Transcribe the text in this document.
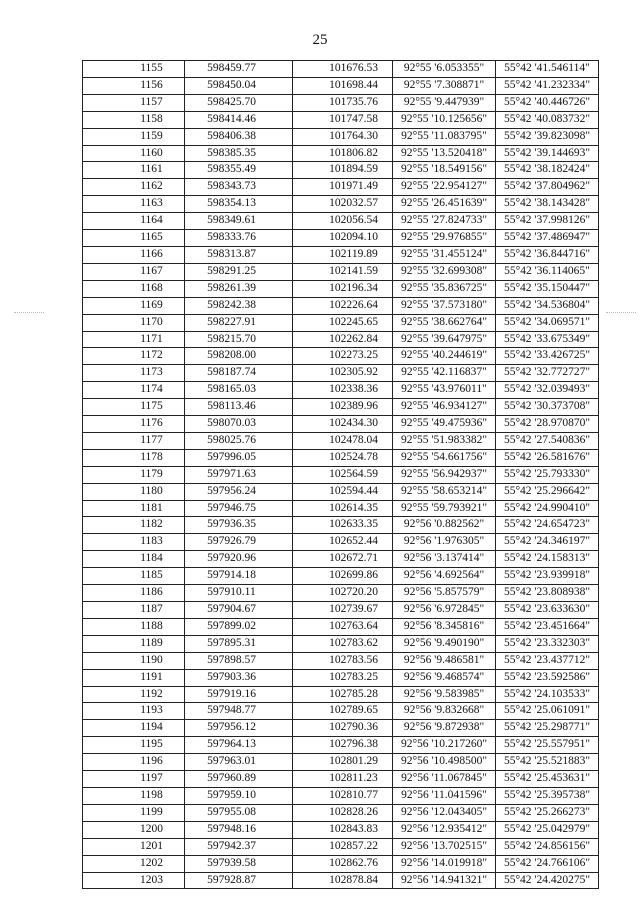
25
1155	598459.77	101676.53	92°55 '6.053355"	55°42 '41.546114"
1156	598450.04	101698.44	92°55 '7.308871"	55°42 '41.232334"
1157	598425.70	101735.76	92°55 '9.447939"	55°42 '40.446726"
1158	598414.46	101747.58	92°55 '10.125656"	55°42 '40.083732"
1159	598406.38	101764.30	92°55 '11.083795"	55°42 '39.823098"
1160	598385.35	101806.82	92°55 '13.520418"	55°42 '39.144693"
1161	598355.49	101894.59	92°55 '18.549156"	55°42 '38.182424"
1162	598343.73	101971.49	92°55 '22.954127"	55°42 '37.804962"
1163	598354.13	102032.57	92°55 '26.451639"	55°42 '38.143428"
1164	598349.61	102056.54	92°55 '27.824733"	55°42 '37.998126"
1165	598333.76	102094.10	92°55 '29.976855"	55°42 '37.486947"
1166	598313.87	102119.89	92°55 '31.455124"	55°42 '36.844716"
1167	598291.25	102141.59	92°55 '32.699308"	55°42 '36.114065"
1168	598261.39	102196.34	92°55 '35.836725"	55°42 '35.150447"
1169	598242.38	102226.64	92°55 '37.573180"	55°42 '34.536804"
1170	598227.91	102245.65	92°55 '38.662764"	55°42 '34.069571"
1171	598215.70	102262.84	92°55 '39.647975"	55°42 '33.675349"
1172	598208.00	102273.25	92°55 '40.244619"	55°42 '33.426725"
1173	598187.74	102305.92	92°55 '42.116837"	55°42 '32.772727"
1174	598165.03	102338.36	92°55 '43.976011"	55°42 '32.039493"
1175	598113.46	102389.96	92°55 '46.934127"	55°42 '30.373708"
1176	598070.03	102434.30	92°55 '49.475936"	55°42 '28.970870"
1177	598025.76	102478.04	92°55 '51.983382"	55°42 '27.540836"
1178	597996.05	102524.78	92°55 '54.661756"	55°42 '26.581676"
1179	597971.63	102564.59	92°55 '56.942937"	55°42 '25.793330"
1180	597956.24	102594.44	92°55 '58.653214"	55°42 '25.296642"
1181	597946.75	102614.35	92°55 '59.793921"	55°42 '24.990410"
1182	597936.35	102633.35	92°56 '0.882562"	55°42 '24.654723"
1183	597926.79	102652.44	92°56 '1.976305"	55°42 '24.346197"
1184	597920.96	102672.71	92°56 '3.137414"	55°42 '24.158313"
1185	597914.18	102699.86	92°56 '4.692564"	55°42 '23.939918"
1186	597910.11	102720.20	92°56 '5.857579"	55°42 '23.808938"
1187	597904.67	102739.67	92°56 '6.972845"	55°42 '23.633630"
1188	597899.02	102763.64	92°56 '8.345816"	55°42 '23.451664"
1189	597895.31	102783.62	92°56 '9.490190"	55°42 '23.332303"
1190	597898.57	102783.56	92°56 '9.486581"	55°42 '23.437712"
1191	597903.36	102783.25	92°56 '9.468574"	55°42 '23.592586"
1192	597919.16	102785.28	92°56 '9.583985"	55°42 '24.103533"
1193	597948.77	102789.65	92°56 '9.832668"	55°42 '25.061091"
1194	597956.12	102790.36	92°56 '9.872938"	55°42 '25.298771"
1195	597964.13	102796.38	92°56 '10.217260"	55°42 '25.557951"
1196	597963.01	102801.29	92°56 '10.498500"	55°42 '25.521883"
1197	597960.89	102811.23	92°56 '11.067845"	55°42 '25.453631"
1198	597959.10	102810.77	92°56 '11.041596"	55°42 '25.395738"
1199	597955.08	102828.26	92°56 '12.043405"	55°42 '25.266273"
1200	597948.16	102843.83	92°56 '12.935412"	55°42 '25.042979"
1201	597942.37	102857.22	92°56 '13.702515"	55°42 '24.856156"
1202	597939.58	102862.76	92°56 '14.019918"	55°42 '24.766106"
1203	597928.87	102878.84	92°56 '14.941321"	55°42 '24.420275"
